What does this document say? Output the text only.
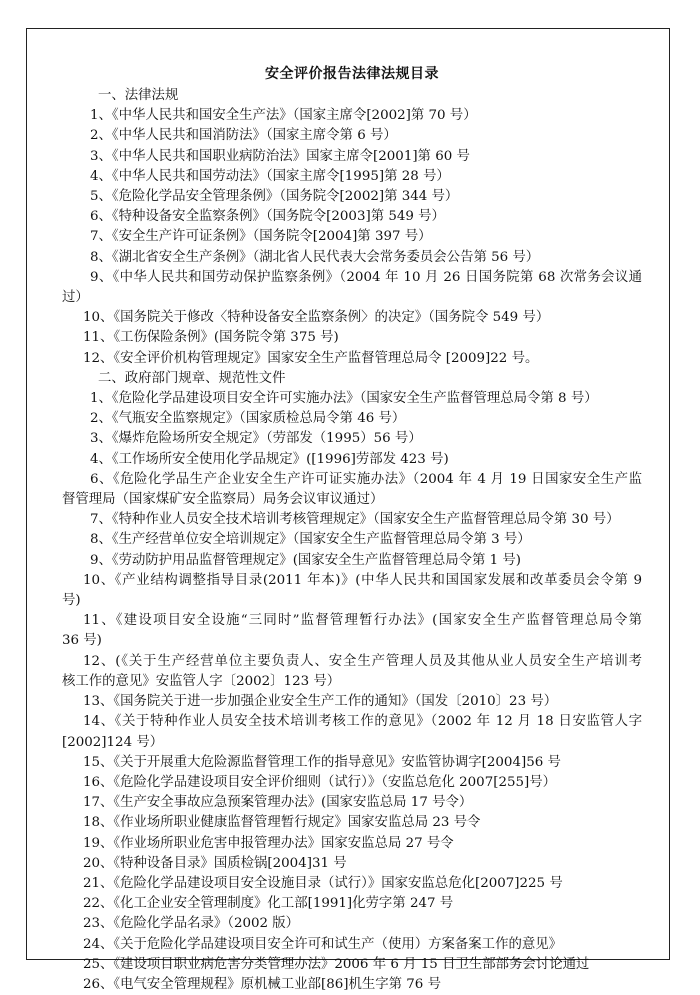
安全评价报告法律法规目录
一、法律法规
1、《中华人民共和国安全生产法》（国家主席令[2002]第 70 号）
2、《中华人民共和国消防法》（国家主席令第 6 号）
3、《中华人民共和国职业病防治法》国家主席令[2001]第 60 号
4、《中华人民共和国劳动法》（国家主席令[1995]第 28 号）
5、《危险化学品安全管理条例》（国务院令[2002]第 344 号）
6、《特种设备安全监察条例》（国务院令[2003]第 549 号）
7、《安全生产许可证条例》（国务院令[2004]第 397 号）
8、《湖北省安全生产条例》（湖北省人民代表大会常务委员会公告第 56 号）
9、《中华人民共和国劳动保护监察条例》（2004 年 10 月 26 日国务院第 68 次常务会议通
过）
10、《国务院关于修改〈特种设备安全监察条例〉的决定》（国务院令 549 号）
11、《工伤保险条例》(国务院令第 375 号)
12、《安全评价机构管理规定》国家安全生产监督管理总局令 [2009]22 号。
二、政府部门规章、规范性文件
1、《危险化学品建设项目安全许可实施办法》（国家安全生产监督管理总局令第 8 号）
2、《气瓶安全监察规定》（国家质检总局令第 46 号）
3、《爆炸危险场所安全规定》（劳部发（1995）56 号）
4、《工作场所安全使用化学品规定》([1996]劳部发 423 号)
6、《危险化学品生产企业安全生产许可证实施办法》（2004 年 4 月 19 日国家安全生产监
督管理局（国家煤矿安全监察局）局务会议审议通过）
7、《特种作业人员安全技术培训考核管理规定》（国家安全生产监督管理总局令第 30 号）
8、《生产经营单位安全培训规定》（国家安全生产监督管理总局令第 3 号）
9、《劳动防护用品监督管理规定》(国家安全生产监督管理总局令第 1 号)
10、《产业结构调整指导目录(2011 年本)》(中华人民共和国国家发展和改革委员会令第 9
号)
11、《建设项目安全设施“三同时”监督管理暂行办法》(国家安全生产监督管理总局令第
36 号)
12、(《关于生产经营单位主要负责人、安全生产管理人员及其他从业人员安全生产培训考
核工作的意见》安监管人字〔2002〕123 号）
13、《国务院关于进一步加强企业安全生产工作的通知》（国发〔2010〕23 号）
14、《关于特种作业人员安全技术培训考核工作的意见》（2002 年 12 月 18 日安监管人字
[2002]124 号）
15、《关于开展重大危险源监督管理工作的指导意见》安监管协调字[2004]56 号
16、《危险化学品建设项目安全评价细则（试行）》（安监总危化 2007[255]号）
17、《生产安全事故应急预案管理办法》(国家安监总局 17 号令）
18、《作业场所职业健康监督管理暂行规定》国家安监总局 23 号令
19、《作业场所职业危害申报管理办法》国家安监总局 27 号令
20、《特种设备目录》国质检锅[2004]31 号
21、《危险化学品建设项目安全设施目录（试行）》国家安监总危化[2007]225 号
22、《化工企业安全管理制度》化工部[1991]化劳字第 247 号
23、《危险化学品名录》（2002 版）
24、《关于危险化学品建设项目安全许可和试生产（使用）方案备案工作的意见》
25、《建设项目职业病危害分类管理办法》2006 年 6 月 15 日卫生部部务会讨论通过
26、《电气安全管理规程》原机械工业部[86]机生字第 76 号
